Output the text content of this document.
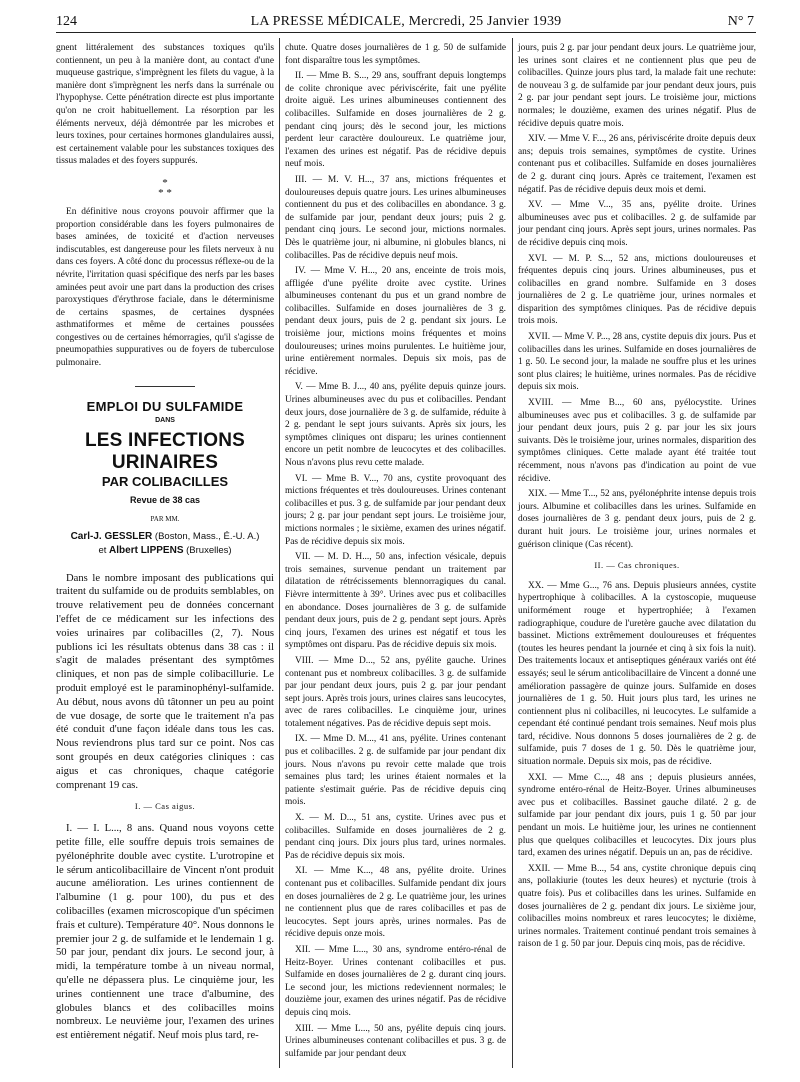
124	LA PRESSE MÉDICALE, Mercredi, 25 Janvier 1939	N° 7

gnent littéralement des substances toxiques qu'ils contiennent, un peu à la manière dont, au contact d'une muqueuse gastrique, s'imprègnent les filets du vague, à la manière dont s'imprègnent les nerfs dans la surrénale ou l'hypophyse. Cette pénétration directe est plus importante qu'on ne croit habituellement. La résorption par les éléments nerveux, déjà démontrée par les microbes et leurs toxines, pour certaines hormones glandulaires aussi, est certainement valable pour les substances toxiques des tissus malades et des foyers suppurés.

*
* *

En définitive nous croyons pouvoir affirmer que la proportion considérable dans les foyers pulmonaires de bases aminées, de toxicité et d'action nerveuses indiscutables, est dangereuse pour les filets nerveux à nu dans ces foyers. A côté donc du processus réflexe-ou de la névrite, l'irritation quasi spécifique des nerfs par les bases aminées peut avoir une part dans la production des crises paroxystiques d'érythrose faciale, dans le déterminisme de certains spasmes, de certaines dyspnées asthmatiformes et même de certaines poussées congestives ou de certaines hémorragies, qu'il s'agisse de pneumopathies suppuratives ou de foyers de tuberculose pulmonaire.

EMPLOI DU SULFAMIDE
DANS
LES INFECTIONS URINAIRES
PAR COLIBACILLES
Revue de 38 cas
PAR MM.
Carl-J. GESSLER (Boston, Mass., É.-U. A.)
et Albert LIPPENS (Bruxelles)

Dans le nombre imposant des publications qui traitent du sulfamide ou de produits semblables, on trouve relativement peu de données concernant l'effet de ce médicament sur les infections des voies urinaires par colibacilles (2, 7). Nous publions ici les résultats obtenus dans 38 cas : il s'agit de malades présentant des symptômes cliniques, et non pas de simple colibacillurie. Le produit employé est le paraminophényl-sulfamide. Au début, nous avons dû tâtonner un peu au point de vue dosage, de sorte que le traitement n'a pas été conduit d'une façon idéale dans tous les cas. Nous reviendrons plus tard sur ce point. Nos cas sont groupés en deux catégories cliniques : cas aigus et cas chroniques, chaque catégorie comprenant 19 cas.

I. — Cas aigus.

I. — I. L..., 8 ans. Quand nous voyons cette petite fille, elle souffre depuis trois semaines de pyélonéphrite double avec cystite. L'urotropine et le sérum anticolibacillaire de Vincent n'ont produit aucune amélioration. Les urines contiennent de l'albumine (1 g. pour 100), du pus et des colibacilles (examen microscopique d'un spécimen frais et culture). Température 40°. Nous donnons le premier jour 2 g. de sulfamide et le lendemain 1 g. 50 par jour, pendant dix jours. Le second jour, à midi, la température tombe à un niveau normal, qu'elle ne dépassera plus. Le cinquième jour, les urines contiennent une trace d'albumine, des globules blancs et des colibacilles moins nombreux. Le neuvième jour, l'examen des urines est entièrement négatif. Neuf mois plus tard, re-

chute. Quatre doses journalières de 1 g. 50 de sulfamide font disparaître tous les symptômes.

II. — Mme B. S..., 29 ans, souffrant depuis longtemps de colite chronique avec périviscérite, fait une pyélite droite aiguë. Les urines albumineuses contiennent des colibacilles. Sulfamide en doses journalières de 2 g. pendant cinq jours; dès le second jour, les mictions perdent leur caractère douloureux. Le quatrième jour, l'examen des urines est négatif. Pas de récidive depuis neuf mois.

III. — M. V. H..., 37 ans, mictions fréquentes et douloureuses depuis quatre jours. Les urines albumineuses contiennent du pus et des colibacilles en abondance. 3 g. de sulfamide par jour, pendant deux jours; puis 2 g. pendant cinq jours. Le second jour, mictions normales. Dès le quatrième jour, ni albumine, ni globules blancs, ni colibacilles. Pas de récidive depuis neuf mois.

IV. — Mme V. H..., 20 ans, enceinte de trois mois, affligée d'une pyélite droite avec cystite. Urines albumineuses contenant du pus et un grand nombre de colibacilles. Sulfamide en doses journalières de 3 g. pendant deux jours, puis de 2 g. pendant six jours. Le troisième jour, mictions moins fréquentes et moins douloureuses; urines moins purulentes. Le huitième jour, urine entièrement normales. Depuis six mois, pas de récidive.

V. — Mme B. J..., 40 ans, pyélite depuis quinze jours. Urines albumineuses avec du pus et colibacilles. Pendant deux jours, dose journalière de 3 g. de sulfamide, réduite à 2 g. pendant le sept jours suivants. Après six jours, les symptômes cliniques ont disparu; les urines contiennent encore un petit nombre de leucocytes et des colibacilles. Nous n'avons plus revu cette malade.

VI. — Mme B. V..., 70 ans, cystite provoquant des mictions fréquentes et très douloureuses. Urines contenant colibacilles et pus. 3 g. de sulfamide par jour pendant deux jours; 2 g. par jour pendant sept jours. Le troisième jour, mictions normales ; le sixième, examen des urines négatif. Pas de récidive depuis six mois.

VII. — M. D. H..., 50 ans, infection vésicale, depuis trois semaines, survenue pendant un traitement par dilatation de rétrécissements blennorragiques du canal. Fièvre intermittente à 39°. Urines avec pus et colibacilles en abondance. Doses journalières de 3 g. de sulfamide pendant deux jours, puis de 2 g. pendant sept jours. Après cinq jours, l'examen des urines est négatif et tous les symptômes ont disparu. Pas de récidive depuis six mois.

VIII. — Mme D..., 52 ans, pyélite gauche. Urines contenant pus et nombreux colibacilles. 3 g. de sulfamide par jour pendant deux jours, puis 2 g. par jour pendant sept jours. Après trois jours, urines claires sans leucocytes, avec de rares colibacilles. Le cinquième jour, urines totalement négatives. Pas de récidive depuis sept mois.

IX. — Mme D. M..., 41 ans, pyélite. Urines contenant pus et colibacilles. 2 g. de sulfamide par jour pendant dix jours. Nous n'avons pu revoir cette malade que trois semaines plus tard; les urines étaient normales et la patiente s'estimait guérie. Pas de récidive depuis cinq mois.

X. — M. D..., 51 ans, cystite. Urines avec pus et colibacilles. Sulfamide en doses journalières de 2 g. pendant cinq jours. Dix jours plus tard, urines normales. Pas de récidive depuis six mois.

XI. — Mme K..., 48 ans, pyélite droite. Urines contenant pus et colibacilles. Sulfamide pendant dix jours en doses journalières de 2 g. Le quatrième jour, les urines ne contiennent plus que de rares colibacilles et pas de leucocytes. Sept jours après, urines normales. Pas de récidive depuis onze mois.

XII. — Mme L..., 30 ans, syndrome entéro-rénal de Heitz-Boyer. Urines contenant colibacilles et pus. Sulfamide en doses journalières de 2 g. durant cinq jours. Le second jour, les mictions redeviennent normales; le douzième jour, examen des urines négatif. Pas de récidive depuis cinq mois.

XIII. — Mme L..., 50 ans, pyélite depuis cinq jours. Urines albumineuses contenant colibacilles et pus. 3 g. de sulfamide par jour pendant deux

jours, puis 2 g. par jour pendant deux jours. Le quatrième jour, les urines sont claires et ne contiennent plus que peu de colibacilles. Quinze jours plus tard, la malade fait une rechute: de nouveau 3 g. de sulfamide par jour pendant deux jours, puis 2 g. par jour pendant sept jours. Le troisième jour, mictions normales; le douzième, examen des urines négatif. Plus de récidive depuis quatre mois.

XIV. — Mme V. F..., 26 ans, périviscérite droite depuis deux ans; depuis trois semaines, symptômes de cystite. Urines contenant pus et colibacilles. Sulfamide en doses journalières de 2 g. durant cinq jours. Après ce traitement, l'examen est négatif. Pas de récidive depuis deux mois et demi.

XV. — Mme V..., 35 ans, pyélite droite. Urines albumineuses avec pus et colibacilles. 2 g. de sulfamide par jour pendant cinq jours. Après sept jours, urines normales. Pas de récidive depuis cinq mois.

XVI. — M. P. S..., 52 ans, mictions douloureuses et fréquentes depuis cinq jours. Urines albumineuses, pus et colibacilles en grand nombre. Sulfamide en 3 doses journalières de 2 g. Le quatrième jour, urines normales et disparition des symptômes cliniques. Pas de récidive depuis trois mois.

XVII. — Mme V. P..., 28 ans, cystite depuis dix jours. Pus et colibacilles dans les urines. Sulfamide en doses journalières de 1 g. 50. Le second jour, la malade ne souffre plus et les urines sont plus claires; le huitième, urines normales. Pas de récidive depuis six mois.

XVIII. — Mme B..., 60 ans, pyélocystite. Urines albumineuses avec pus et colibacilles. 3 g. de sulfamide par jour pendant deux jours, puis 2 g. par jour les six jours suivants. Dès le troisième jour, urines normales, disparition des symptômes cliniques. Cette malade ayant été traitée tout récemment, nous n'avons pas d'indication au point de vue récidive.

XIX. — Mme T..., 52 ans, pyélonéphrite intense depuis trois jours. Albumine et colibacilles dans les urines. Sulfamide en doses journalières de 3 g. pendant deux jours, puis de 2 g. durant huit jours. Le troisième jour, urines normales et guérison clinique (Cas récent).

II. — Cas chroniques.

XX. — Mme G..., 76 ans. Depuis plusieurs années, cystite hypertrophique à colibacilles. A la cystoscopie, muqueuse uniformément rouge et hypertrophiée; à l'examen radiographique, coudure de l'uretère gauche avec dilatation du bassinet. Mictions extrêmement douloureuses et fréquentes (toutes les heures pendant la journée et cinq à six fois la nuit). Des traitements locaux et antiseptiques généraux variés ont été essayés; seul le sérum anticolibacillaire de Vincent a donné une amélioration passagère de quinze jours. Sulfamide en doses journalières de 1 g. 50. Huit jours plus tard, les urines ne contiennent plus ni colibacilles, ni leucocytes. Le sulfamide a cependant été continué pendant trois semaines. Neuf mois plus tard, récidive. Nous donnons 5 doses journalières de 2 g. de sulfamide, puis 7 doses de 1 g. 50. Dès le quatrième jour, situation normale. Depuis six mois, pas de récidive.

XXI. — Mme C..., 48 ans ; depuis plusieurs années, syndrome entéro-rénal de Heitz-Boyer. Urines albumineuses avec pus et colibacilles. Bassinet gauche dilaté. 2 g. de sulfamide par jour pendant dix jours, puis 1 g. 50 par jour pendant un mois. Le huitième jour, les urines ne contiennent plus que quelques colibacilles et leucocytes. Dix jours plus tard, examen des urines négatif. Depuis un an, pas de récidive.

XXII. — Mme B..., 54 ans, cystite chronique depuis cinq ans, pollakiurie (toutes les deux heures) et nycturie (trois à quatre fois). Pus et colibacilles dans les urines. Sulfamide en doses journalières de 2 g. pendant dix jours. Le sixième jour, colibacilles moins nombreux et rares leucocytes; le dixième, urines normales. Traitement continué pendant trois semaines à raison de 1 g. 50 par jour. Depuis cinq mois, pas de récidive.
